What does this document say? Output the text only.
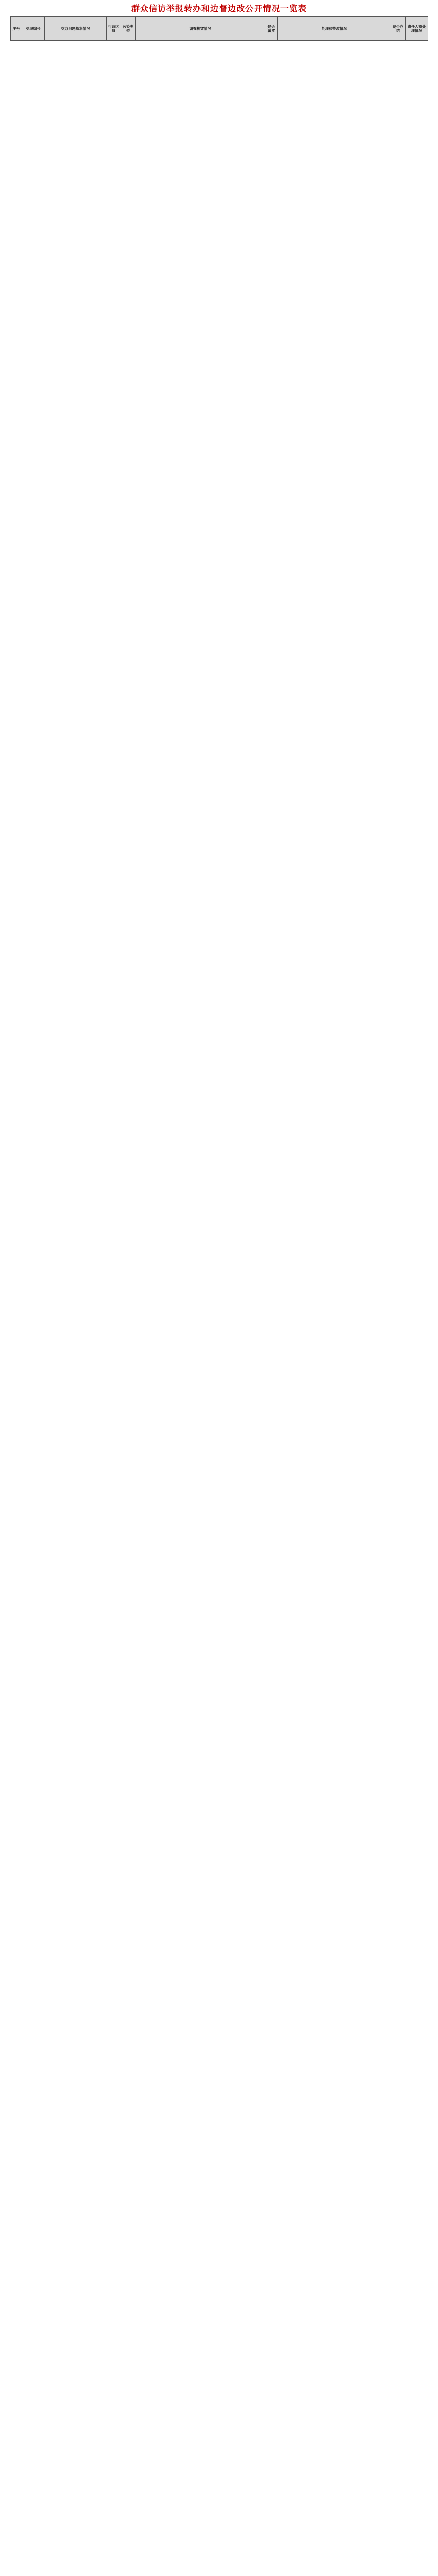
群众信访举报转办和边督边改公开情况一览表
序号	受理编号	交办问题基本情况	行政区域	污染类型	调查核实情况	是否属实	处理和整改情况	是否办结	责任人被处理情况
